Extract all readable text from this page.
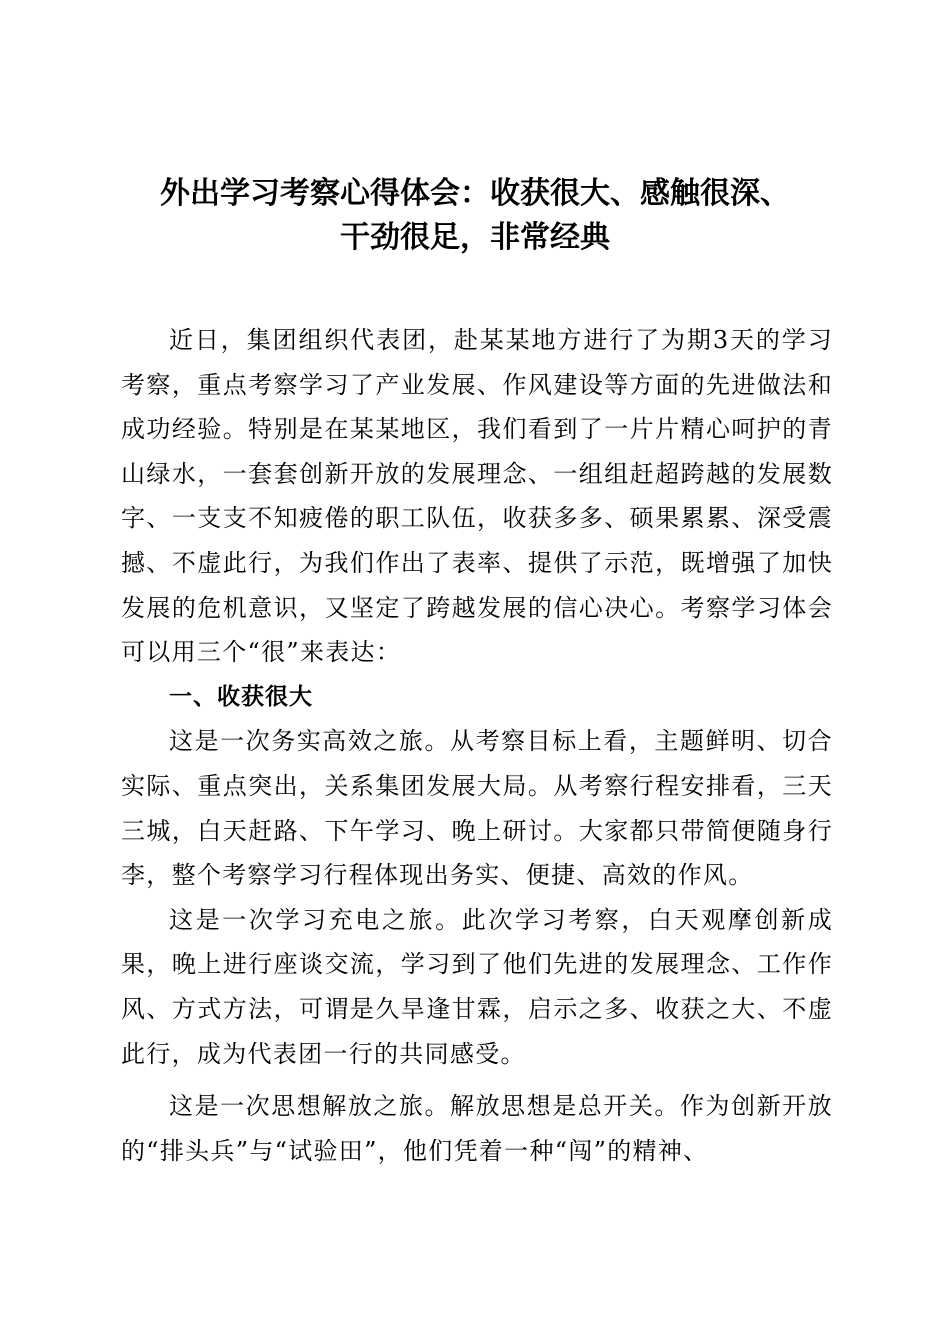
外出学习考察心得体会：收获很大、感触很深、
干劲很足，非常经典

近日，集团组织代表团，赴某某地方进行了为期3天的学习考察，重点考察学习了产业发展、作风建设等方面的先进做法和成功经验。特别是在某某地区，我们看到了一片片精心呵护的青山绿水，一套套创新开放的发展理念、一组组赶超跨越的发展数字、一支支不知疲倦的职工队伍，收获多多、硕果累累、深受震撼、不虚此行，为我们作出了表率、提供了示范，既增强了加快发展的危机意识，又坚定了跨越发展的信心决心。考察学习体会可以用三个“很”来表达：

一、收获很大

这是一次务实高效之旅。从考察目标上看，主题鲜明、切合实际、重点突出，关系集团发展大局。从考察行程安排看，三天三城，白天赶路、下午学习、晚上研讨。大家都只带简便随身行李，整个考察学习行程体现出务实、便捷、高效的作风。

这是一次学习充电之旅。此次学习考察，白天观摩创新成果，晚上进行座谈交流，学习到了他们先进的发展理念、工作作风、方式方法，可谓是久旱逢甘霖，启示之多、收获之大、不虚此行，成为代表团一行的共同感受。

这是一次思想解放之旅。解放思想是总开关。作为创新开放的“排头兵”与“试验田”，他们凭着一种“闯”的精神、
